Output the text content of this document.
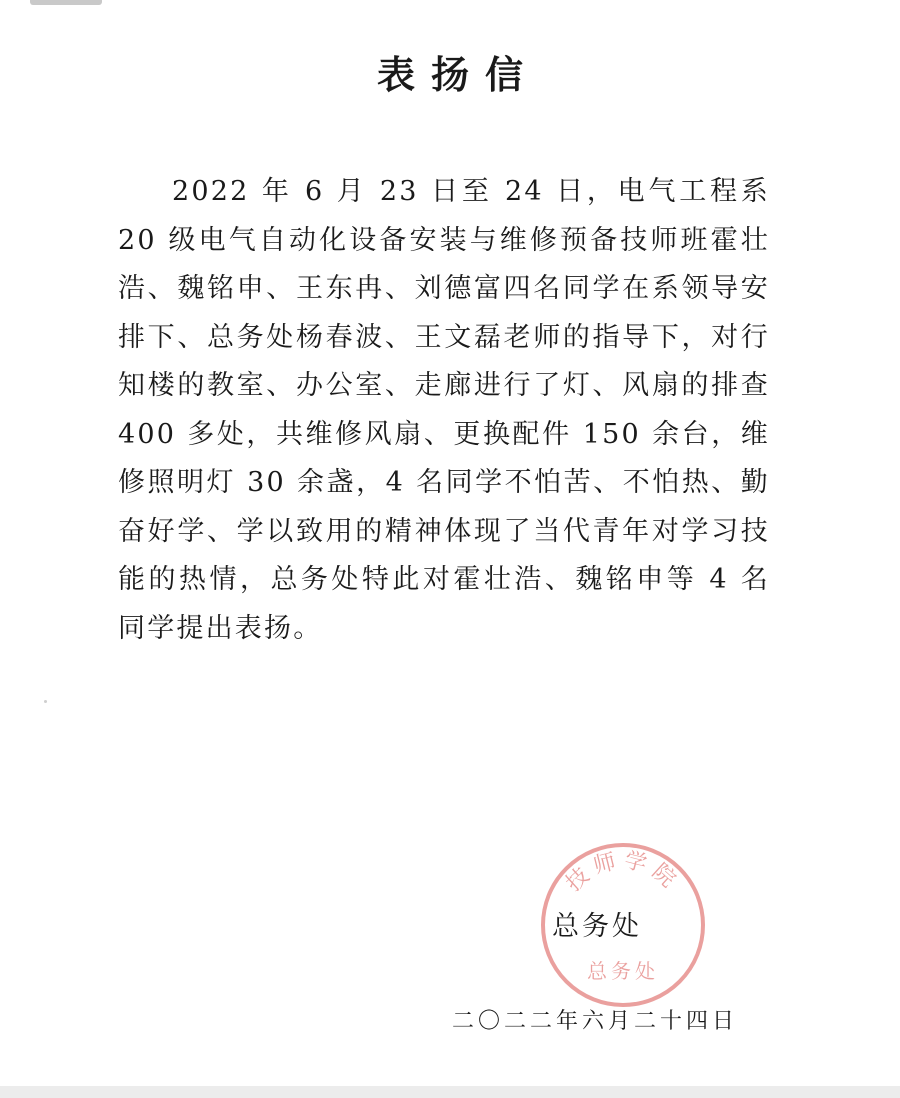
表扬信

2022 年 6 月 23 日至 24 日，电气工程系 20 级电气自动化设备安装与维修预备技师班霍壮浩、魏铭申、王东冉、刘德富四名同学在系领导安排下、总务处杨春波、王文磊老师的指导下，对行知楼的教室、办公室、走廊进行了灯、风扇的排查 400 多处，共维修风扇、更换配件 150 余台，维修照明灯 30 余盏，4 名同学不怕苦、不怕热、勤奋好学、学以致用的精神体现了当代青年对学习技能的热情，总务处特此对霍壮浩、魏铭申等 4 名同学提出表扬。

技师学院
总务处
总务处
二〇二二年六月二十四日
